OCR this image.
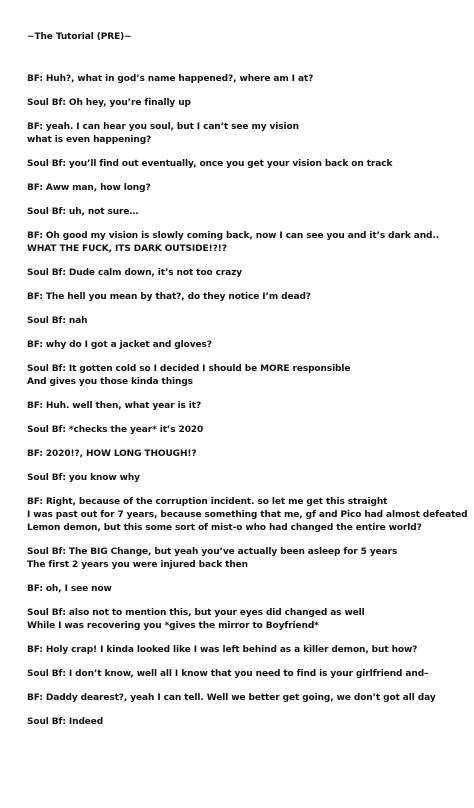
~The Tutorial (PRE)~
BF: Huh?, what in god’s name happened?, where am I at?
Soul Bf: Oh hey, you’re finally up
BF: yeah. I can hear you soul, but I can’t see my vision
what is even happening?
Soul Bf: you’ll find out eventually, once you get your vision back on track
BF: Aww man, how long?
Soul Bf: uh, not sure…
BF: Oh good my vision is slowly coming back, now I can see you and it’s dark and..
WHAT THE FUCK, ITS DARK OUTSIDE!?!?
Soul Bf: Dude calm down, it’s not too crazy
BF: The hell you mean by that?, do they notice I’m dead?
Soul Bf: nah
BF: why do I got a jacket and gloves?
Soul Bf: It gotten cold so I decided I should be MORE responsible
And gives you those kinda things
BF: Huh. well then, what year is it?
Soul Bf: *checks the year* it’s 2020
BF: 2020!?, HOW LONG THOUGH!?
Soul Bf: you know why
BF: Right, because of the corruption incident. so let me get this straight
I was past out for 7 years, because something that me, gf and Pico had almost defeated
Lemon demon, but this some sort of mist-o who had changed the entire world?
Soul Bf: The BIG Change, but yeah you’ve actually been asleep for 5 years
The first 2 years you were injured back then
BF: oh, I see now
Soul Bf: also not to mention this, but your eyes did changed as well
While I was recovering you *gives the mirror to Boyfriend*
BF: Holy crap! I kinda looked like I was left behind as a killer demon, but how?
Soul Bf: I don’t know, well all I know that you need to find is your girlfriend and–
BF: Daddy dearest?, yeah I can tell. Well we better get going, we don’t got all day
Soul Bf: Indeed
